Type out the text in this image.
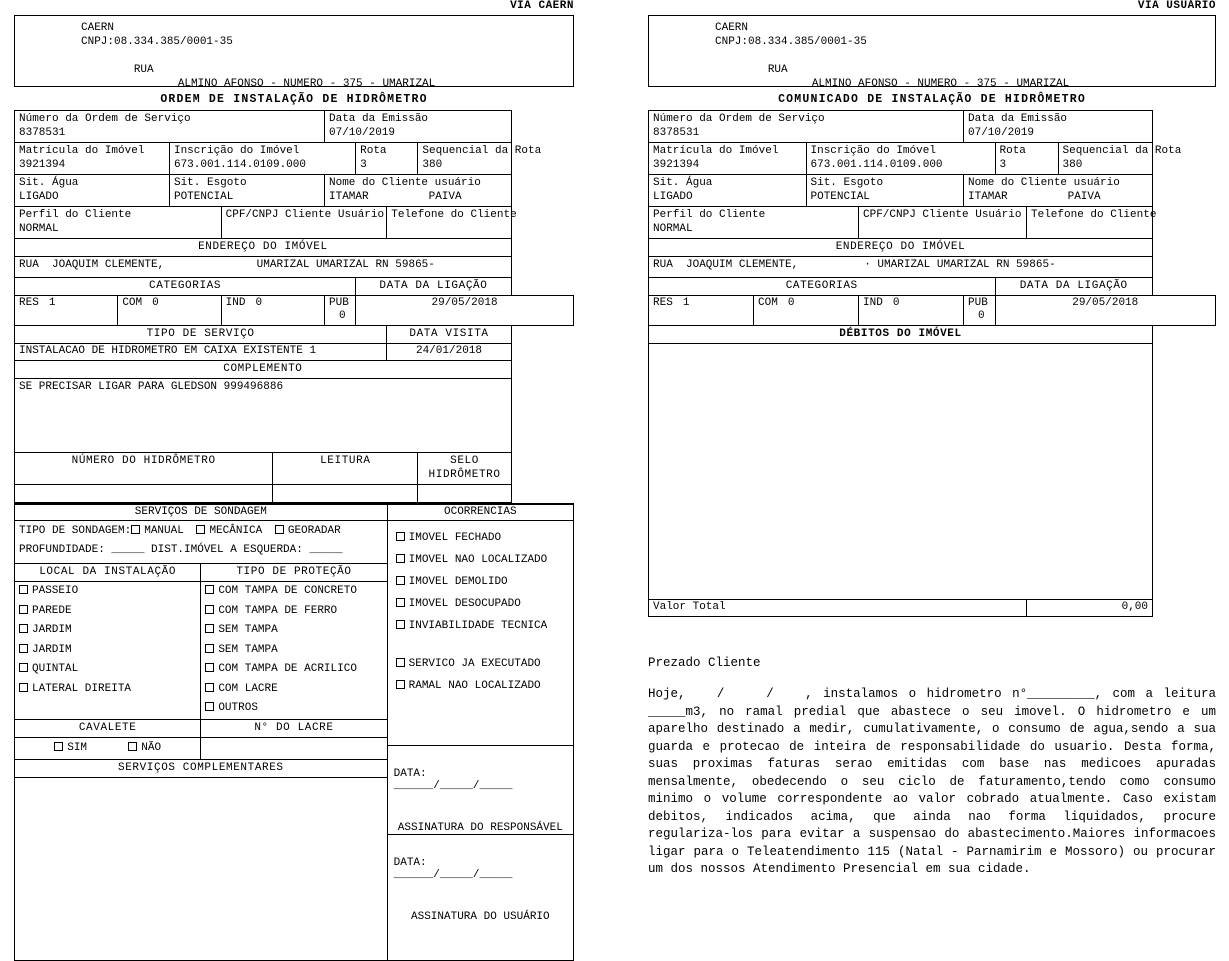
VIA CAERN
CAERN
CNPJ:08.334.385/0001-35

RUA
ALMINO AFONSO - NUMERO - 375 - UMARIZAL

ORDEM DE INSTALAÇÃO DE HIDRÔMETRO
Número da Ordem de Serviço
8378531

Data da Emissão
07/10/2019

Matrícula do Imóvel
3921394

Inscrição do Imóvel
673.001.114.0109.000

Rota
3

Sequencial da Rota
380

Sit. Água
LIGADO

Sit. Esgoto
POTENCIAL

Nome do Cliente usuário
ITAMAR	PAIVA

Perfil do Cliente
NORMAL			CPF/CNPJ Cliente Usuário				Telefone do Cliente	

ENDEREÇO DO IMÓVEL								

RUA  JOAQUIM CLEMENTE,              UMARIZAL UMARIZAL RN 59865-								

CATEGORIAS						DATA DA LIGAÇÃO		

RES 1	COM 0		IND 0		PUB0	29/05/2018		

TIPO DE SERVIÇO							DATA VISITA	

INSTALACAO DE HIDROMETRO EM CAIXA EXISTENTE 1							24/01/2018	

COMPLEMENTO								

SE PRECISAR LIGAR PARA GLEDSON 999496886								

NÚMERO DO HIDRÔMETRO				LEITURA				SELO HIDRÔMETRO

SERVIÇOS DE SONDAGEM	OCORRENCIAS

TIPO DE SONDAGEM: MANUAL MECÂNICA GEORADAR
PROFUNDIDADE: _____ DIST.IMÓVEL A ESQUERDA: _____
LOCAL DA INSTALAÇÃO	TIPO DE PROTEÇÃO

PASSEIO
PAREDE
JARDIM
JARDIM
QUINTAL
LATERAL DIREITA

COM TAMPA DE CONCRETO
COM TAMPA DE FERRO
SEM TAMPA
SEM TAMPA
COM TAMPA DE ACRILICO
COM LACRE
OUTROS

CAVALETE	N° DO LACRE

SIM	NÃO

SERVIÇOS COMPLEMENTARES

IMOVEL FECHADO
IMOVEL NAO LOCALIZADO
IMOVEL DEMOLIDO
IMOVEL DESOCUPADO
INVIABILIDADE TECNICA
SERVICO JA EXECUTADO
RAMAL NAO LOCALIZADO
DATA:  ______/_____/_____
ASSINATURA DO RESPONSÁVEL

DATA:  ______/_____/_____
ASSINATURA DO USUÁRIO
VIA USUÁRIO
CAERN
CNPJ:08.334.385/0001-35

RUA
ALMINO AFONSO - NUMERO - 375 - UMARIZAL

COMUNICADO DE INSTALAÇÃO DE HIDRÔMETRO
Número da Ordem de Serviço
8378531

Data da Emissão
07/10/2019

Matrícula do Imóvel
3921394

Inscrição do Imóvel
673.001.114.0109.000

Rota
3

Sequencial da Rota
380

Sit. Água
LIGADO

Sit. Esgoto
POTENCIAL

Nome do Cliente usuário
ITAMAR	PAIVA

Perfil do Cliente
NORMAL			CPF/CNPJ Cliente Usuário			Telefone do Cliente	

ENDEREÇO DO IMÓVEL							

RUA  JOAQUIM CLEMENTE,          · UMARIZAL UMARIZAL RN 59865-							

CATEGORIAS					DATA DA LIGAÇÃO		

RES 1	COM 0		IND 0	PUB0	29/05/2018		

DÉBITOS DO IMÓVEL							

Valor Total						0,00	
Prezado Cliente
Hoje,   /    /   , instalamos o hidrometro n°_________, com a leitura _____m3, no ramal predial que abastece o seu imovel. O hidrometro e um aparelho destinado a medir, cumulativamente, o consumo de agua,sendo a sua guarda e protecao de inteira de responsabilidade do usuario. Desta forma, suas proximas faturas serao emitidas com base nas medicoes apuradas mensalmente, obedecendo o seu ciclo de faturamento,tendo como consumo minimo o volume correspondente ao valor cobrado atualmente. Caso existam debitos, indicados acima, que ainda nao forma liquidados, procure regulariza-los para evitar a suspensao do abastecimento.Maiores informacoes ligar para o Teleatendimento 115 (Natal - Parnamirim e Mossoro) ou procurar um dos nossos Atendimento Presencial em sua cidade.
